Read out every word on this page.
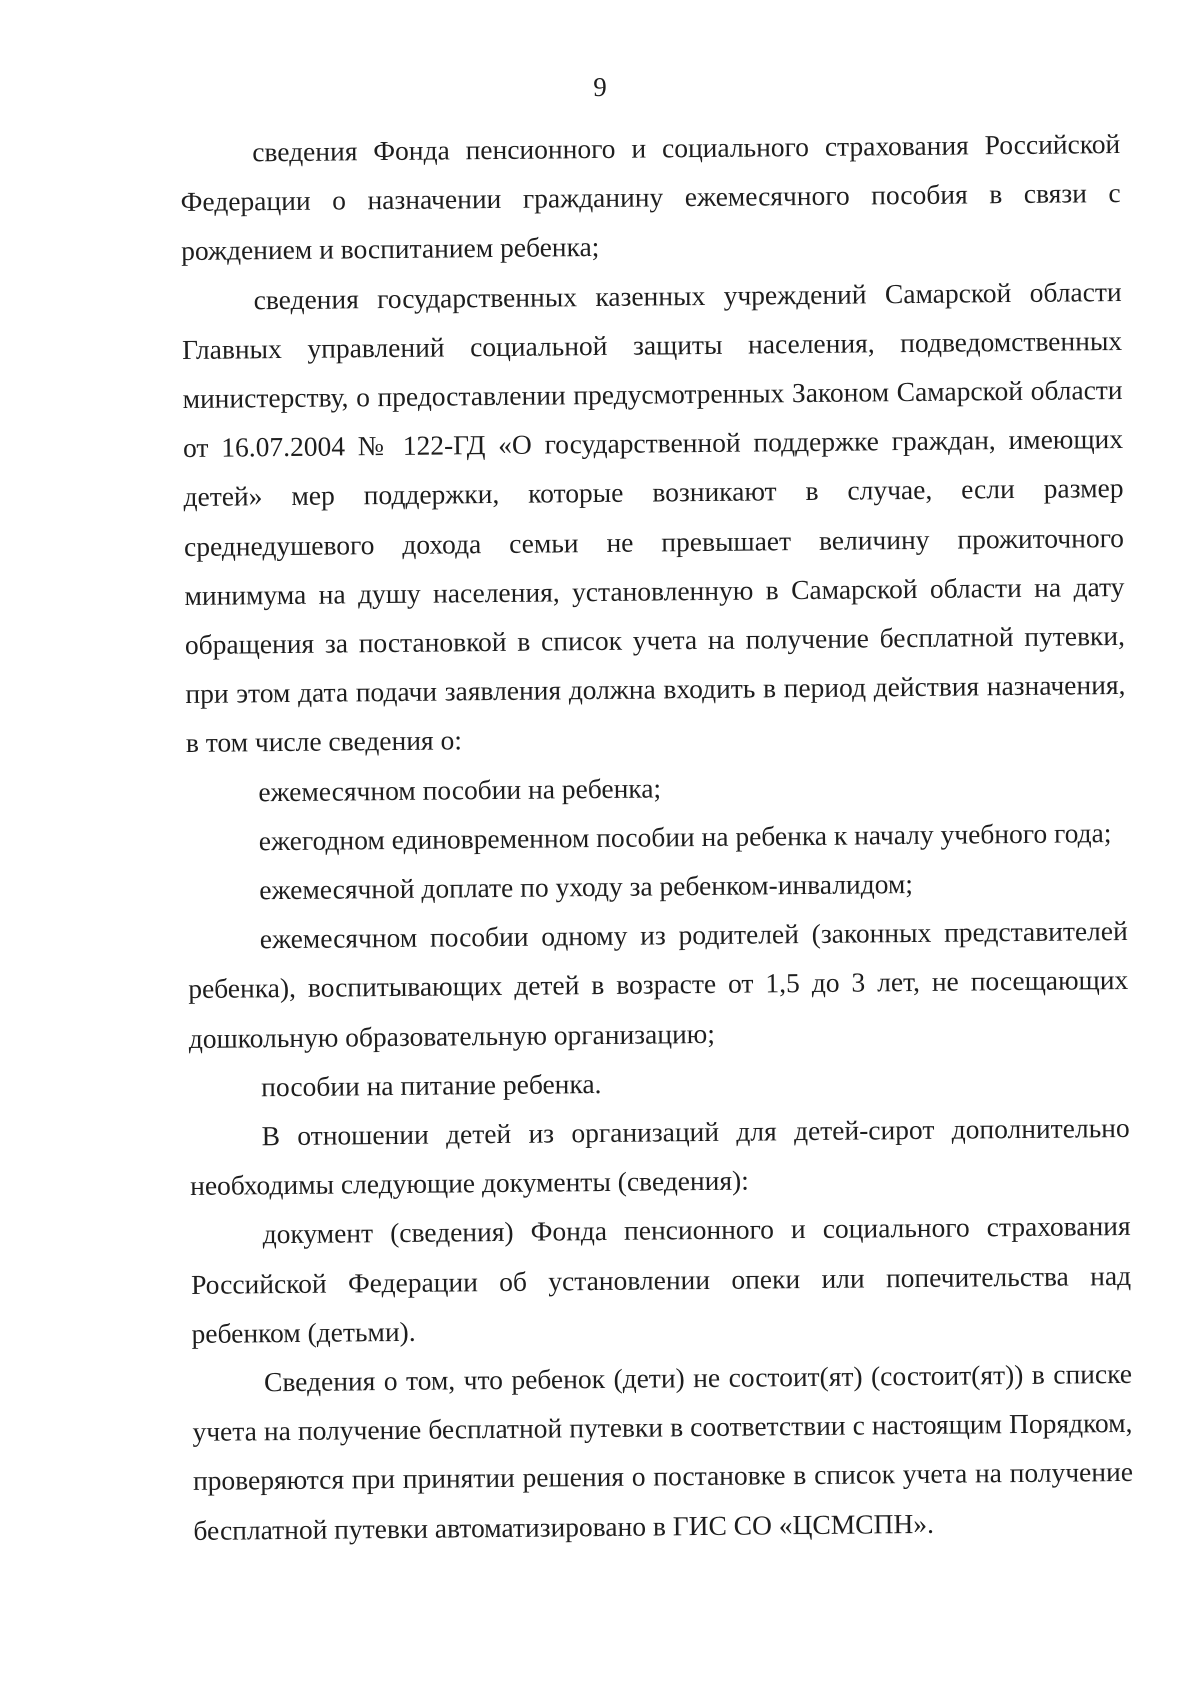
9

сведения Фонда пенсионного и социального страхования Российской Федерации о назначении гражданину ежемесячного пособия в связи с рождением и воспитанием ребенка;

сведения государственных казенных учреждений Самарской области Главных управлений социальной защиты населения, подведомственных министерству, о предоставлении предусмотренных Законом Самарской области от 16.07.2004 № 122-ГД «О государственной поддержке граждан, имеющих детей» мер поддержки, которые возникают в случае, если размер среднедушевого дохода семьи не превышает величину прожиточного минимума на душу населения, установленную в Самарской области на дату обращения за постановкой в список учета на получение бесплатной путевки, при этом дата подачи заявления должна входить в период действия назначения, в том числе сведения о:

ежемесячном пособии на ребенка;

ежегодном единовременном пособии на ребенка к началу учебного года;

ежемесячной доплате по уходу за ребенком-инвалидом;

ежемесячном пособии одному из родителей (законных представителей ребенка), воспитывающих детей в возрасте от 1,5 до 3 лет, не посещающих дошкольную образовательную организацию;

пособии на питание ребенка.

В отношении детей из организаций для детей-сирот дополнительно необходимы следующие документы (сведения):

документ (сведения) Фонда пенсионного и социального страхования Российской Федерации об установлении опеки или попечительства над ребенком (детьми).

Сведения о том, что ребенок (дети) не состоит(ят) (состоит(ят)) в списке учета на получение бесплатной путевки в соответствии с настоящим Порядком, проверяются при принятии решения о постановке в список учета на получение бесплатной путевки автоматизировано в ГИС СО «ЦСМСПН».
